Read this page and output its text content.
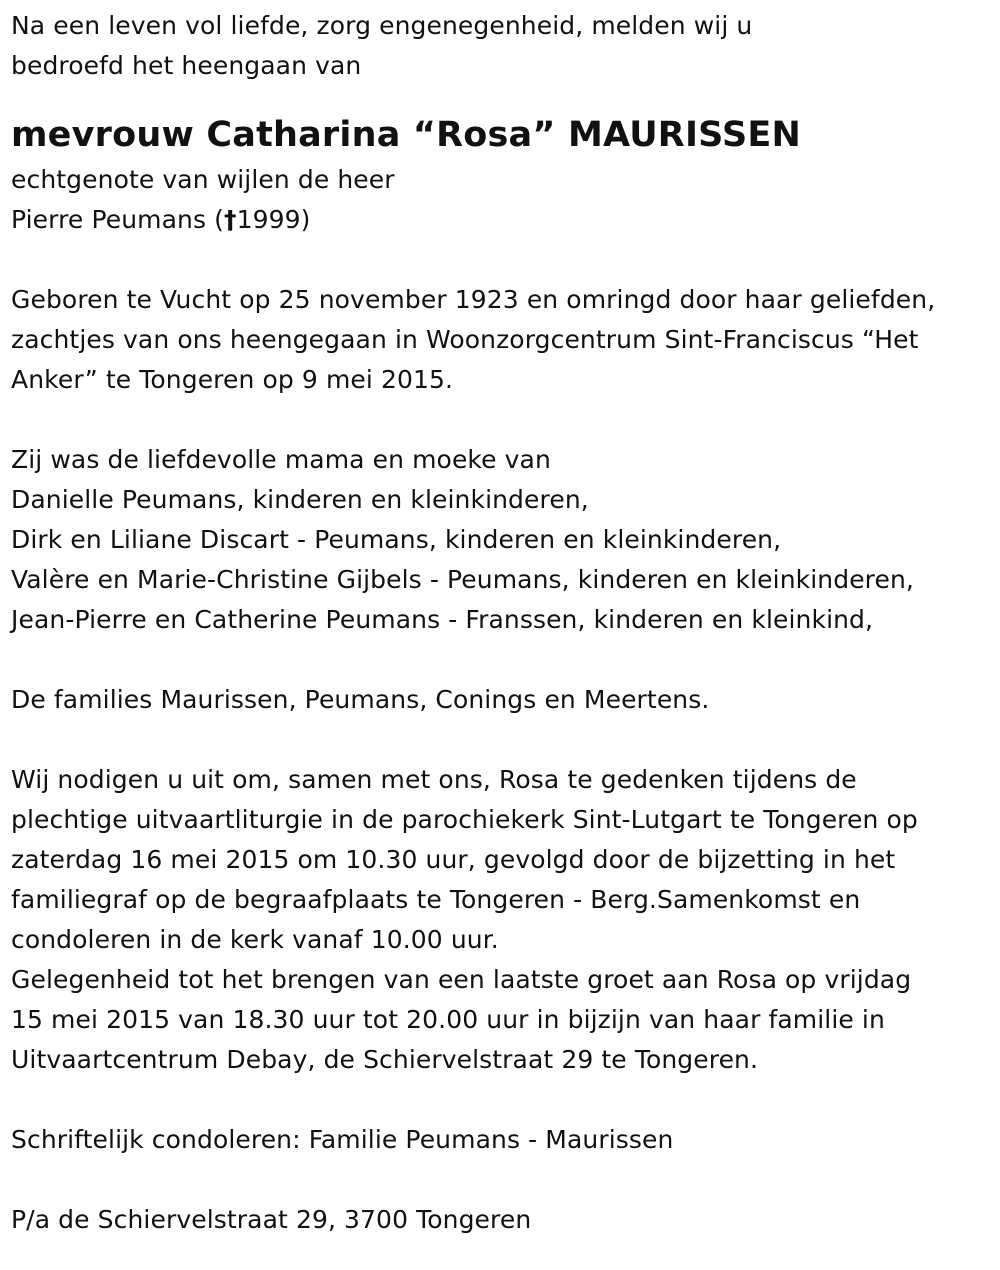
Na een leven vol liefde, zorg engenegenheid, melden wij u
bedroefd het heengaan van
mevrouw Catharina “Rosa” MAURISSEN
echtgenote van wijlen de heer
Pierre Peumans (†1999)
Geboren te Vucht op 25 november 1923 en omringd door haar geliefden,
zachtjes van ons heengegaan in Woonzorgcentrum Sint-Franciscus “Het
Anker” te Tongeren op 9 mei 2015.
Zij was de liefdevolle mama en moeke van
Danielle Peumans, kinderen en kleinkinderen,
Dirk en Liliane Discart - Peumans, kinderen en kleinkinderen,
Valère en Marie-Christine Gijbels - Peumans, kinderen en kleinkinderen,
Jean-Pierre en Catherine Peumans - Franssen, kinderen en kleinkind,
De families Maurissen, Peumans, Conings en Meertens.
Wij nodigen u uit om, samen met ons, Rosa te gedenken tijdens de
plechtige uitvaartliturgie in de parochiekerk Sint-Lutgart te Tongeren op
zaterdag 16 mei 2015 om 10.30 uur, gevolgd door de bijzetting in het
familiegraf op de begraafplaats te Tongeren - Berg.Samenkomst en
condoleren in de kerk vanaf 10.00 uur.
Gelegenheid tot het brengen van een laatste groet aan Rosa op vrijdag
15 mei 2015 van 18.30 uur tot 20.00 uur in bijzijn van haar familie in
Uitvaartcentrum Debay, de Schiervelstraat 29 te Tongeren.
Schriftelijk condoleren: Familie Peumans - Maurissen
P/a de Schiervelstraat 29, 3700 Tongeren
